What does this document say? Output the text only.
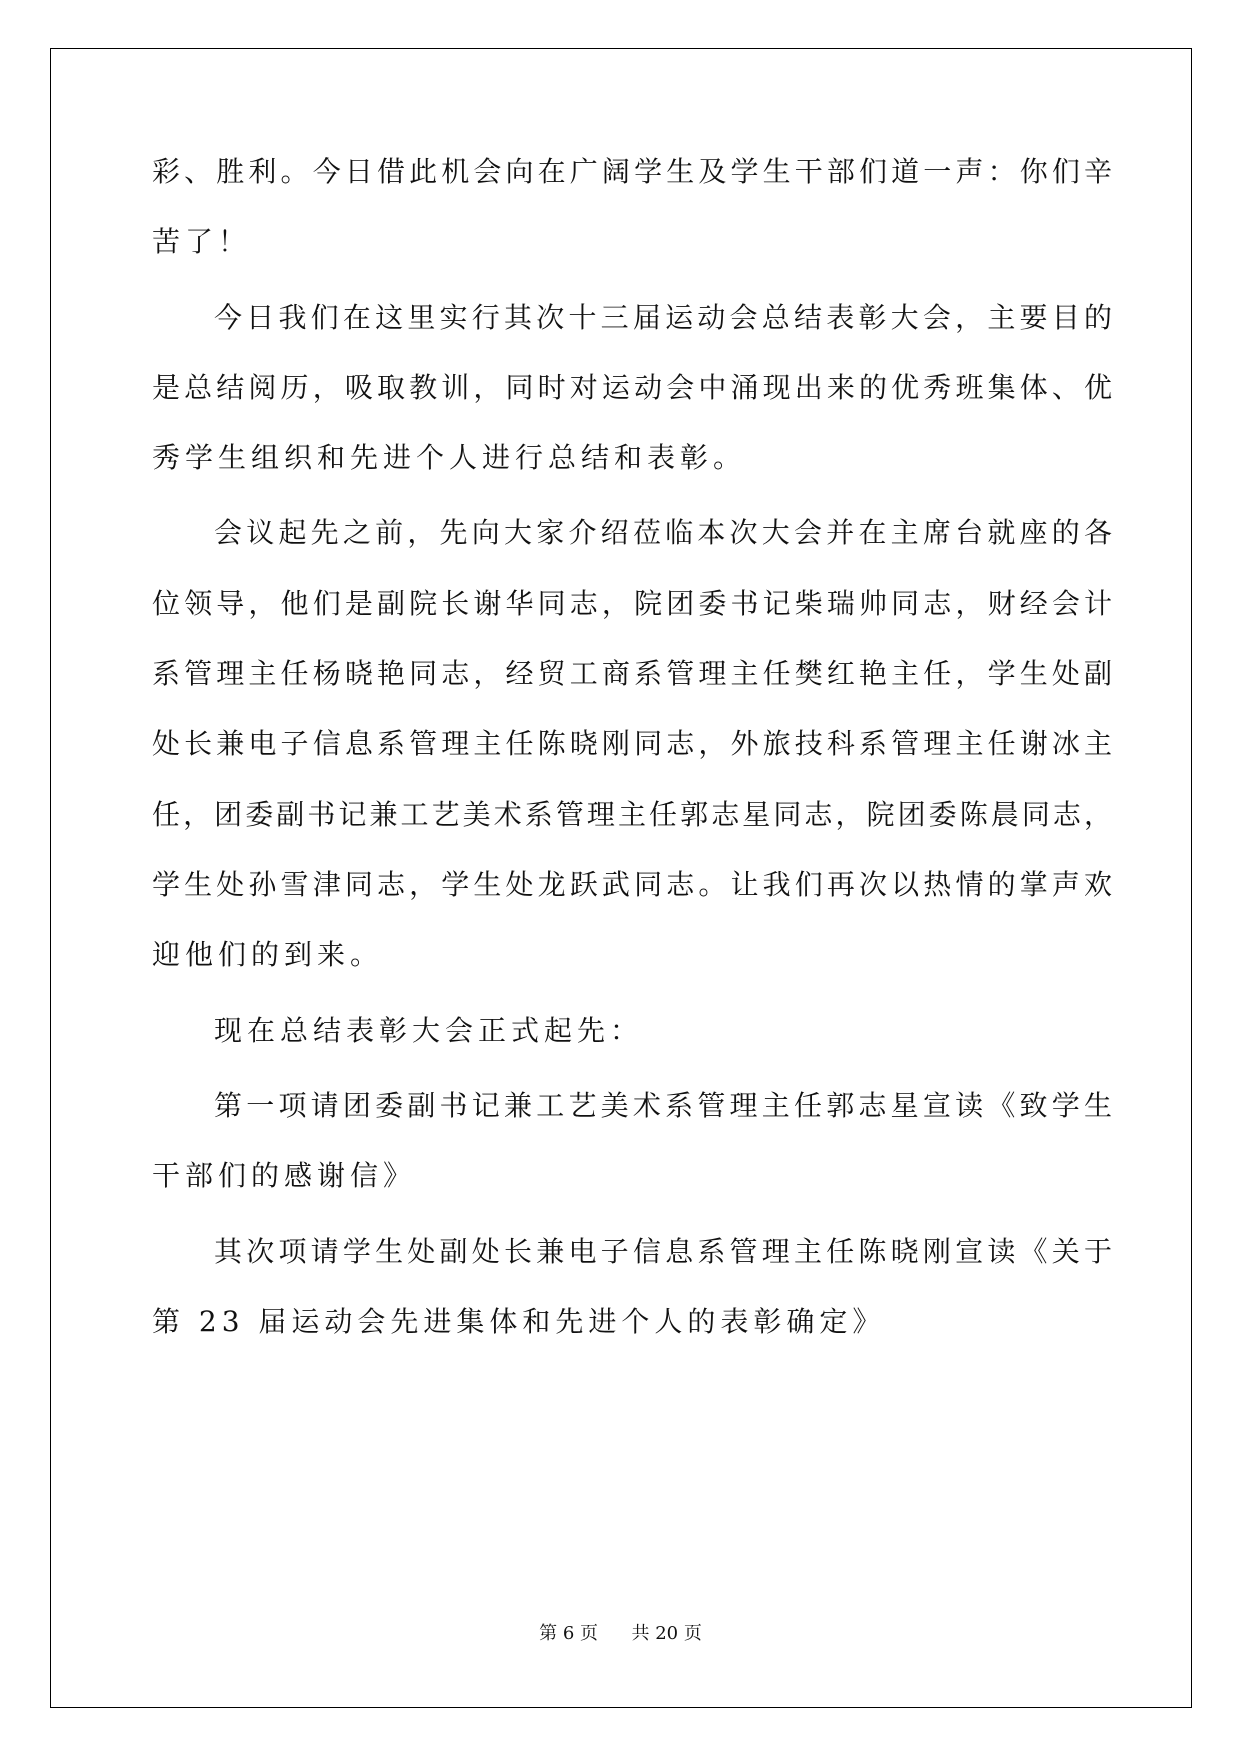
彩、胜利。今日借此机会向在广阔学生及学生干部们道一声：你们辛
苦了！
今日我们在这里实行其次十三届运动会总结表彰大会，主要目的
是总结阅历，吸取教训，同时对运动会中涌现出来的优秀班集体、优
秀学生组织和先进个人进行总结和表彰。
会议起先之前，先向大家介绍莅临本次大会并在主席台就座的各
位领导，他们是副院长谢华同志，院团委书记柴瑞帅同志，财经会计
系管理主任杨晓艳同志，经贸工商系管理主任樊红艳主任，学生处副
处长兼电子信息系管理主任陈晓刚同志，外旅技科系管理主任谢冰主
任，团委副书记兼工艺美术系管理主任郭志星同志，院团委陈晨同志，
学生处孙雪津同志，学生处龙跃武同志。让我们再次以热情的掌声欢
迎他们的到来。
现在总结表彰大会正式起先：
第一项请团委副书记兼工艺美术系管理主任郭志星宣读《致学生
干部们的感谢信》
其次项请学生处副处长兼电子信息系管理主任陈晓刚宣读《关于
第 23 届运动会先进集体和先进个人的表彰确定》
第 6 页 共 20 页
